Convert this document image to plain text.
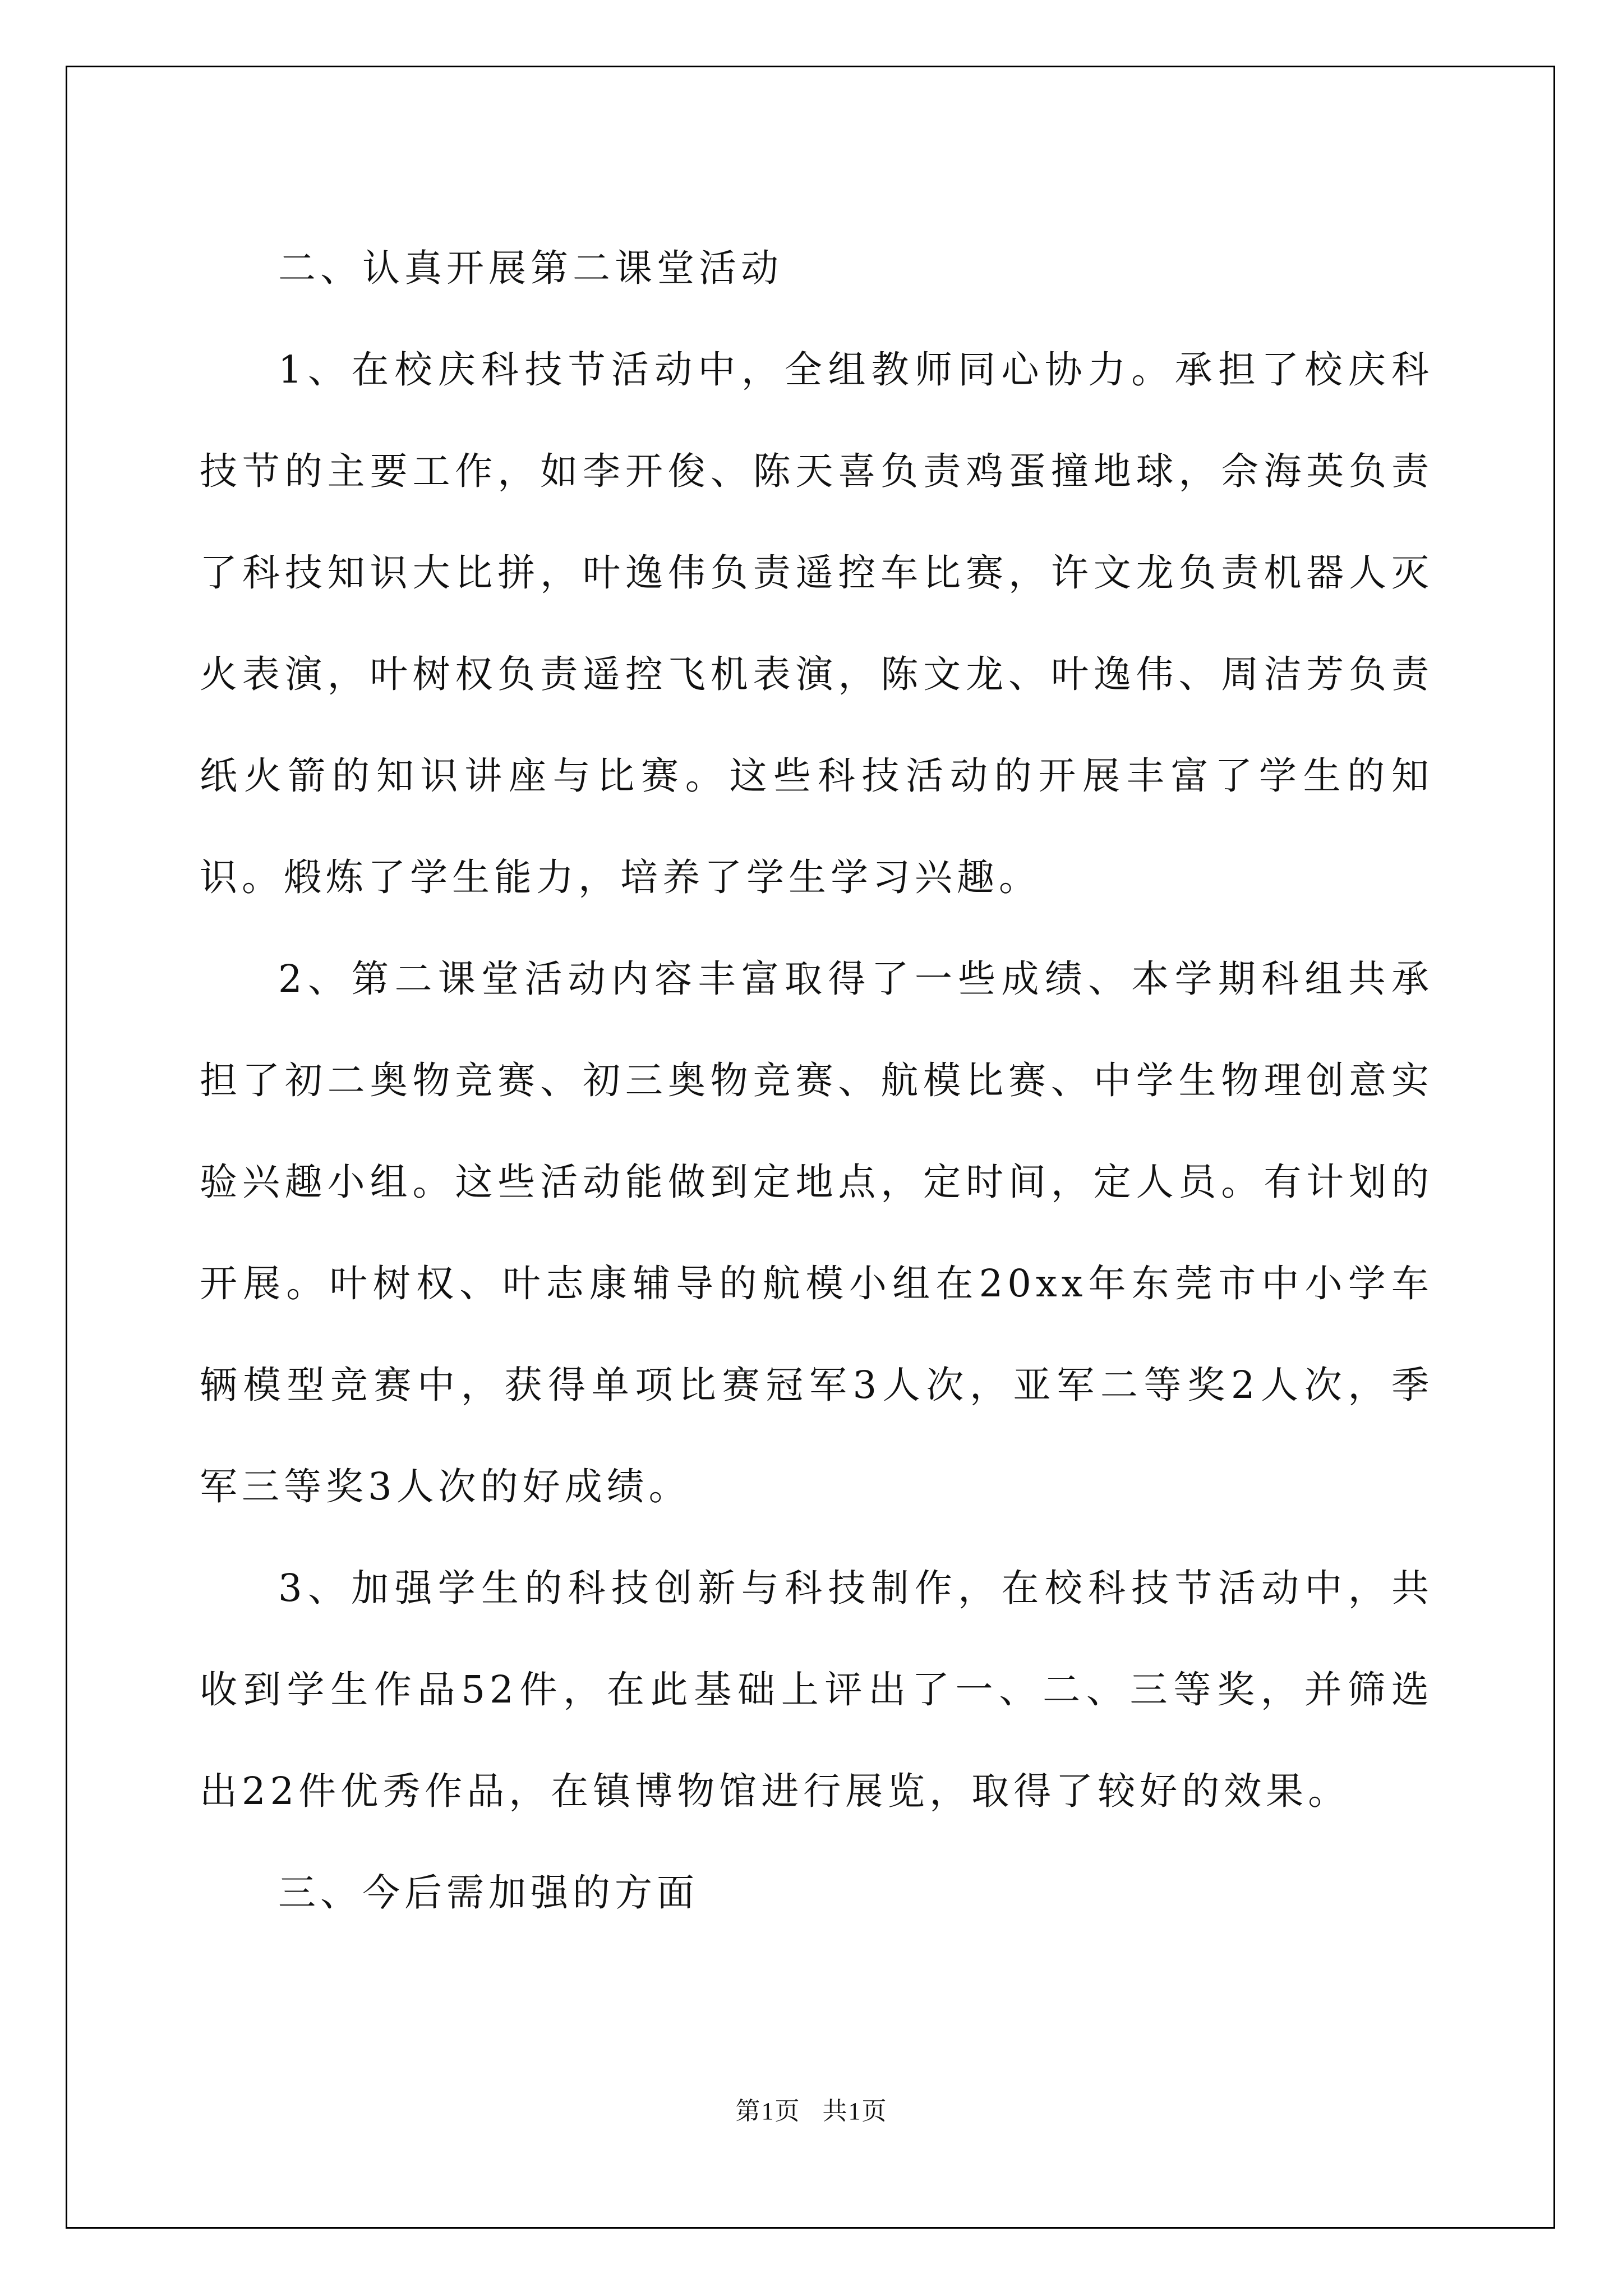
二、认真开展第二课堂活动

1、在校庆科技节活动中，全组教师同心协力。承担了校庆科技节的主要工作，如李开俊、陈天喜负责鸡蛋撞地球，佘海英负责了科技知识大比拼，叶逸伟负责遥控车比赛，许文龙负责机器人灭火表演，叶树权负责遥控飞机表演，陈文龙、叶逸伟、周洁芳负责纸火箭的知识讲座与比赛。这些科技活动的开展丰富了学生的知识。煅炼了学生能力，培养了学生学习兴趣。

2、第二课堂活动内容丰富取得了一些成绩、本学期科组共承担了初二奥物竞赛、初三奥物竞赛、航模比赛、中学生物理创意实验兴趣小组。这些活动能做到定地点，定时间，定人员。有计划的开展。叶树权、叶志康辅导的航模小组在20xx年东莞市中小学车辆模型竞赛中，获得单项比赛冠军3人次，亚军二等奖2人次，季军三等奖3人次的好成绩。

3、加强学生的科技创新与科技制作，在校科技节活动中，共收到学生作品52件，在此基础上评出了一、二、三等奖，并筛选出22件优秀作品，在镇博物馆进行展览，取得了较好的效果。

三、今后需加强的方面

第1页 共1页
